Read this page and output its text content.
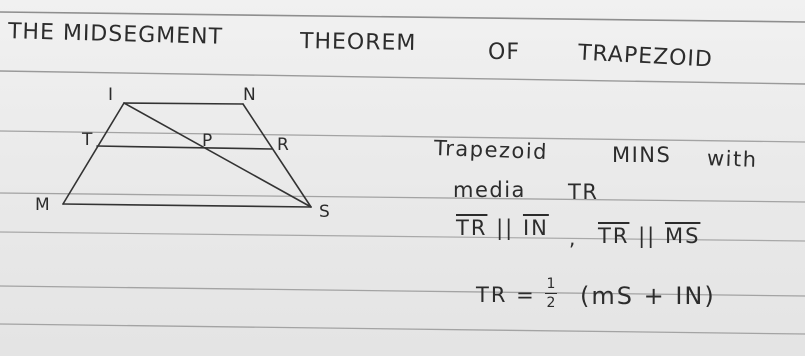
THE MIDSEGMENT	THEOREM	OF	TRAPEZOID
I	N
T	P	R
M	S
Trapezoid	MINS with
media TR
$\overline{TR}$ || $\overline{IN}$ , $\overline{TR}$ || $\overline{MS}$
TR = 1
2 (mS + IN)
